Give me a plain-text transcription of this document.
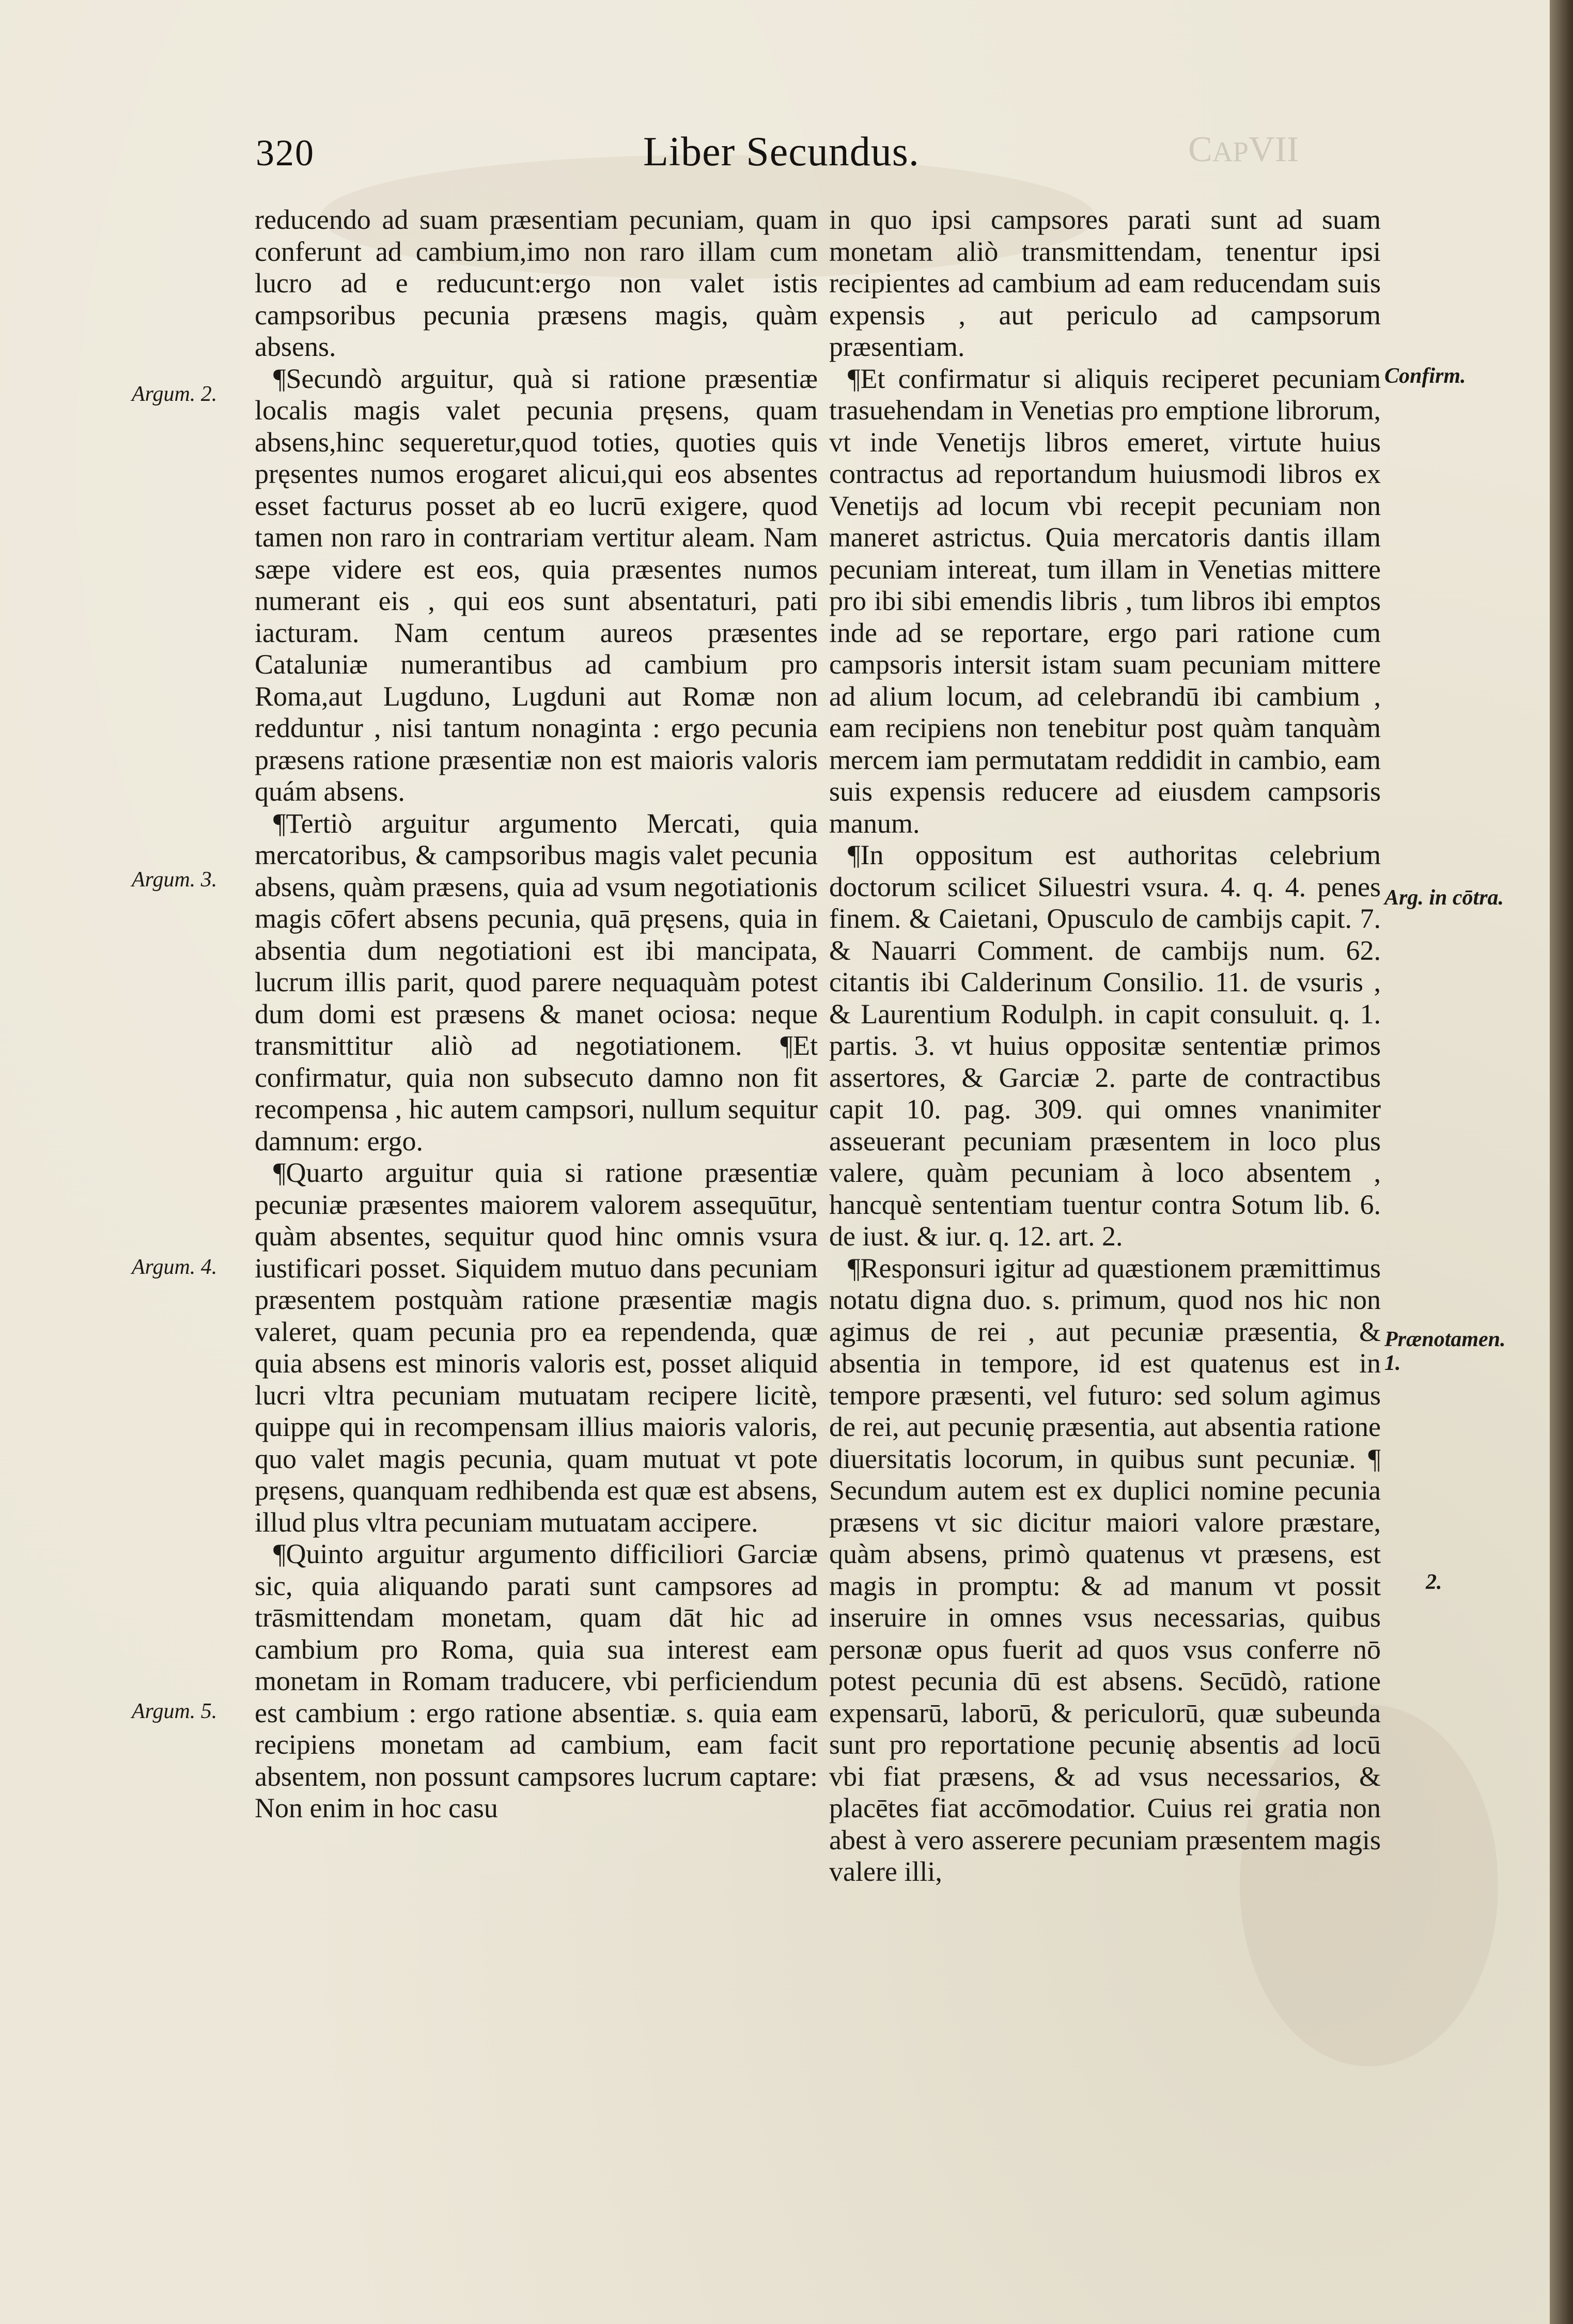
CAPVII
320	Liber Secundus.

reducendo ad suam præsentiam pecuniam, quam conferunt ad cambium,imo non raro illam cum lucro ad e reducunt:ergo non valet istis campsoribus pecunia præsens magis, quàm absens.

¶Secundò arguitur, quà si ratione præsentiæ localis magis valet pecunia pręsens, quam absens,hinc sequeretur,quod toties, quoties quis pręsentes numos erogaret alicui,qui eos absentes esset facturus posset ab eo lucrū exigere, quod tamen non raro in contrariam vertitur aleam. Nam sæpe videre est eos, quia præsentes numos numerant eis , qui eos sunt absentaturi, pati iacturam. Nam centum aureos præsentes Cataluniæ numerantibus ad cambium pro Roma,aut Lugduno, Lugduni aut Romæ non redduntur , nisi tantum nonaginta : ergo pecunia præsens ratione præsentiæ non est maioris valoris quám absens.

¶Tertiò arguitur argumento Mercati, quia mercatoribus, & campsoribus magis valet pecunia absens, quàm præsens, quia ad vsum negotiationis magis cōfert absens pecunia, quā pręsens, quia in absentia dum negotiationi est ibi mancipata, lucrum illis parit, quod parere nequaquàm potest dum domi est præsens & manet ociosa: neque transmittitur aliò ad negotiationem. ¶Et confirmatur, quia non subsecuto damno non fit recompensa , hic autem campsori, nullum sequitur damnum: ergo.

¶Quarto arguitur quia si ratione præsentiæ pecuniæ præsentes maiorem valorem assequūtur, quàm absentes, sequitur quod hinc omnis vsura iustificari posset. Siquidem mutuo dans pecuniam præsentem postquàm ratione præsentiæ magis valeret, quam pecunia pro ea rependenda, quæ quia absens est minoris valoris est, posset aliquid lucri vltra pecuniam mutuatam recipere licitè, quippe qui in recompensam illius maioris valoris, quo valet magis pecunia, quam mutuat vt pote pręsens, quanquam redhibenda est quæ est absens, illud plus vltra pecuniam mutuatam accipere.

¶Quinto arguitur argumento difficiliori Garciæ sic, quia aliquando parati sunt campsores ad trāsmittendam monetam, quam dāt hic ad cambium pro Roma, quia sua interest eam monetam in Romam traducere, vbi perficiendum est cambium : ergo ratione absentiæ. s. quia eam recipiens monetam ad cambium, eam facit absentem, non possunt campsores lucrum captare: Non enim in hoc casu

in quo ipsi campsores parati sunt ad suam monetam aliò transmittendam, tenentur ipsi recipientes ad cambium ad eam reducendam suis expensis , aut periculo ad campsorum præsentiam.

¶Et confirmatur si aliquis reciperet pecuniam trasuehendam in Venetias pro emptione librorum, vt inde Venetijs libros emeret, virtute huius contractus ad reportandum huiusmodi libros ex Venetijs ad locum vbi recepit pecuniam non maneret astrictus. Quia mercatoris dantis illam pecuniam intereat, tum illam in Venetias mittere pro ibi sibi emendis libris , tum libros ibi emptos inde ad se reportare, ergo pari ratione cum campsoris intersit istam suam pecuniam mittere ad alium locum, ad celebrandū ibi cambium , eam recipiens non tenebitur post quàm tanquàm mercem iam permutatam reddidit in cambio, eam suis expensis reducere ad eiusdem campsoris manum.

¶In oppositum est authoritas celebrium doctorum scilicet Siluestri vsura. 4. q. 4. penes finem. & Caietani, Opusculo de cambijs capit. 7. & Nauarri Comment. de cambijs num. 62. citantis ibi Calderinum Consilio. 11. de vsuris , & Laurentium Rodulph. in capit consuluit. q. 1. partis. 3. vt huius oppositæ sententiæ primos assertores, & Garciæ 2. parte de contractibus capit 10. pag. 309. qui omnes vnanimiter asseuerant pecuniam præsentem in loco plus valere, quàm pecuniam à loco absentem , hancquè sententiam tuentur contra Sotum lib. 6. de iust. & iur. q. 12. art. 2.

¶Responsuri igitur ad quæstionem præmittimus notatu digna duo. s. primum, quod nos hic non agimus de rei , aut pecuniæ præsentia, & absentia in tempore, id est quatenus est in tempore præsenti, vel futuro: sed solum agimus de rei, aut pecunię præsentia, aut absentia ratione diuersitatis locorum, in quibus sunt pecuniæ. ¶ Secundum autem est ex duplici nomine pecunia præsens vt sic dicitur maiori valore præstare, quàm absens, primò quatenus vt præsens, est magis in promptu: & ad manum vt possit inseruire in omnes vsus necessarias, quibus personæ opus fuerit ad quos vsus conferre nō potest pecunia dū est absens. Secūdò, ratione expensarū, laborū, & periculorū, quæ subeunda sunt pro reportatione pecunię absentis ad locū vbi fiat præsens, & ad vsus necessarios, & placētes fiat accōmodatior. Cuius rei gratia non abest à vero asserere pecuniam præsentem magis valere illi,

Argum. 2.
Argum. 3.
Argum. 4.
Argum. 5.
Confirm.
Arg. in cōtra.
Prænotamen. 1.
2.
